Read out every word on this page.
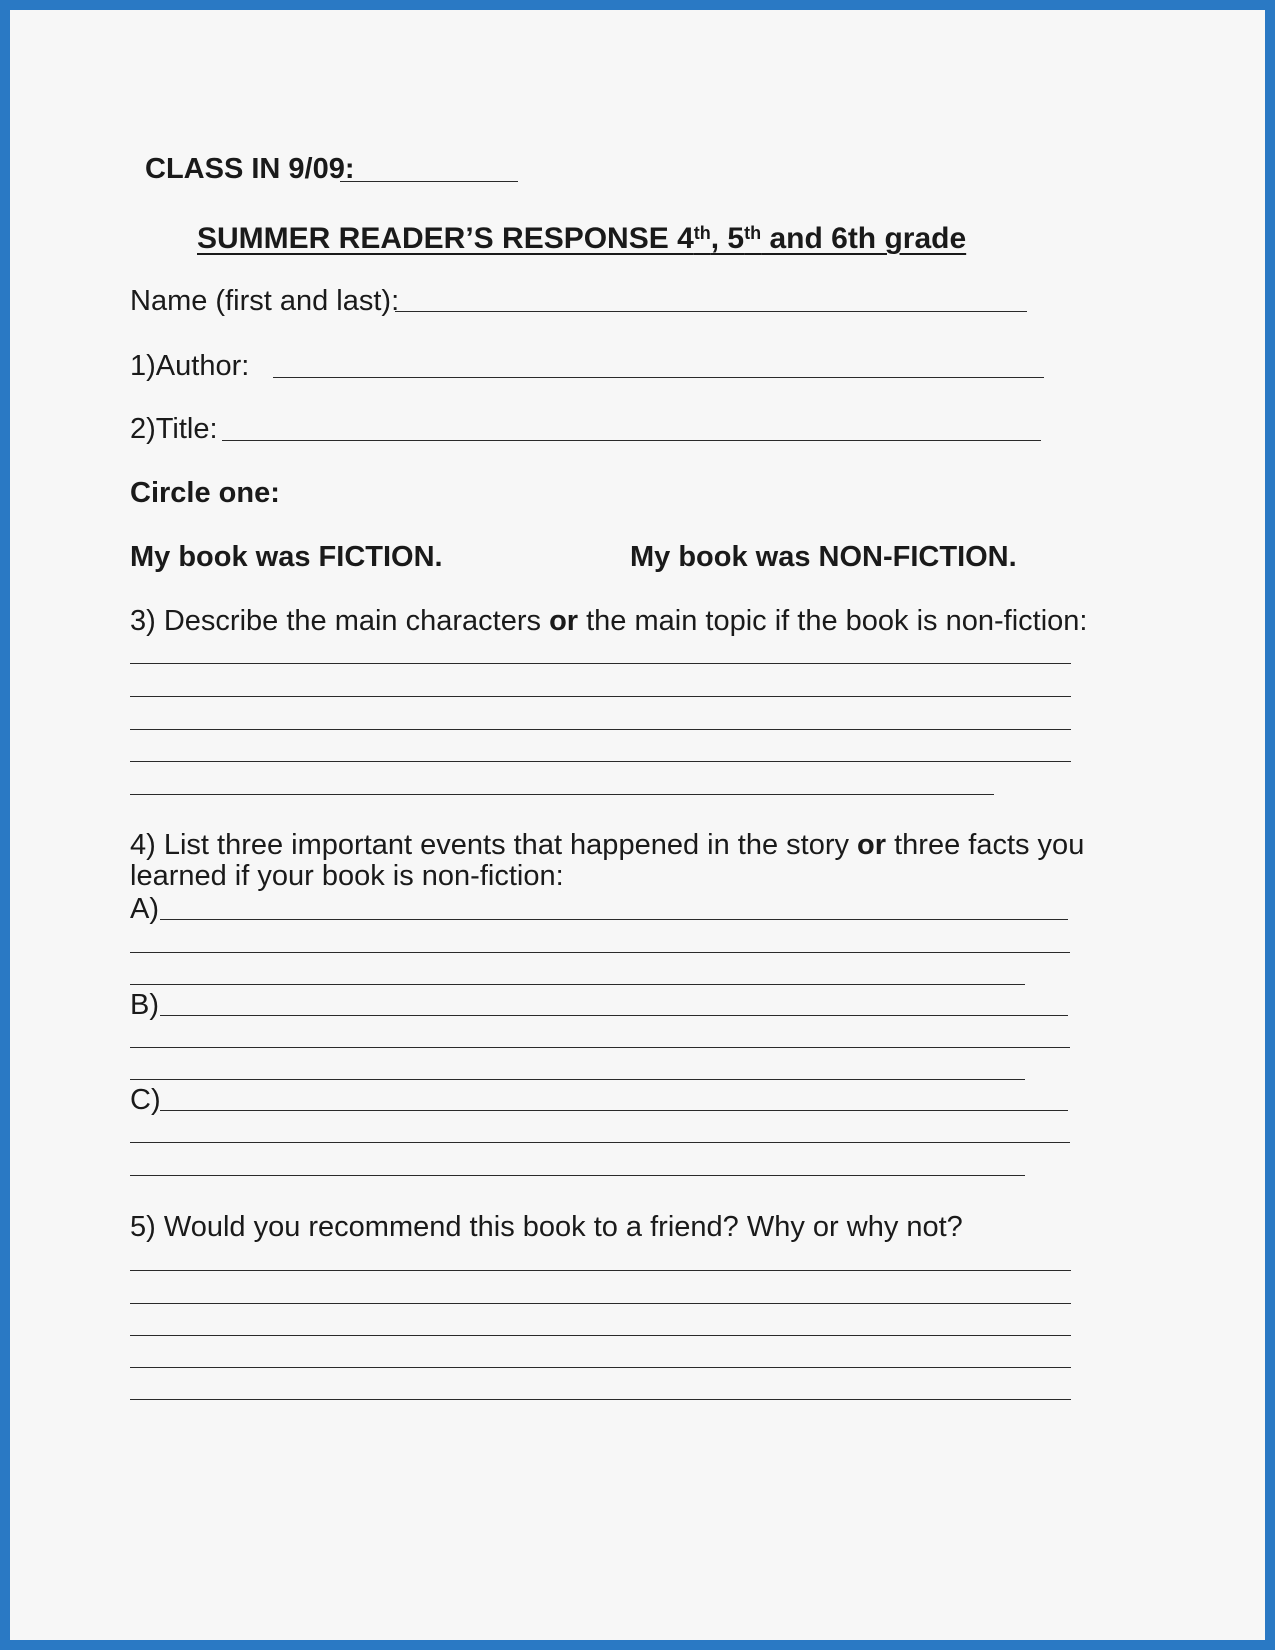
CLASS IN 9/09:
SUMMER READER’S RESPONSE 4th, 5th and 6th grade
Name (first and last):
1)Author:
2)Title:
Circle one:
My book was FICTION.	My book was NON-FICTION.
3) Describe the main characters or the main topic if the book is non-fiction:
4) List three important events that happened in the story or three facts you
learned if your book is non-fiction:
A)
B)
C)
5) Would you recommend this book to a friend? Why or why not?
